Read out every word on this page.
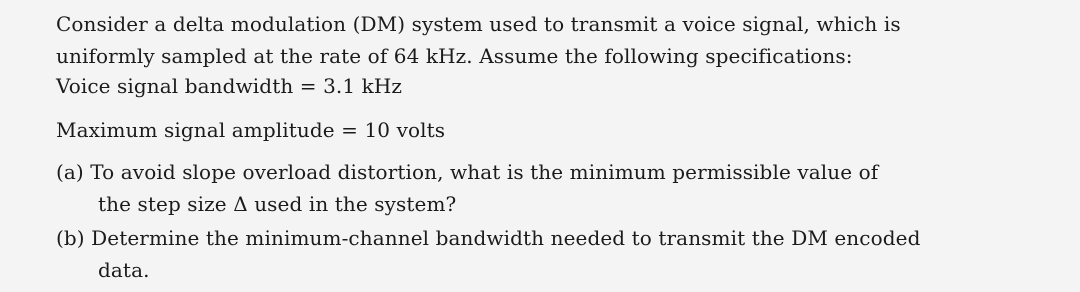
Consider a delta modulation (DM) system used to transmit a voice signal, which is
uniformly sampled at the rate of 64 kHz. Assume the following specifications:
Voice signal bandwidth = 3.1 kHz
Maximum signal amplitude = 10 volts
(a) To avoid slope overload distortion, what is the minimum permissible value of
the step size Δ used in the system?
(b) Determine the minimum-channel bandwidth needed to transmit the DM encoded
data.
